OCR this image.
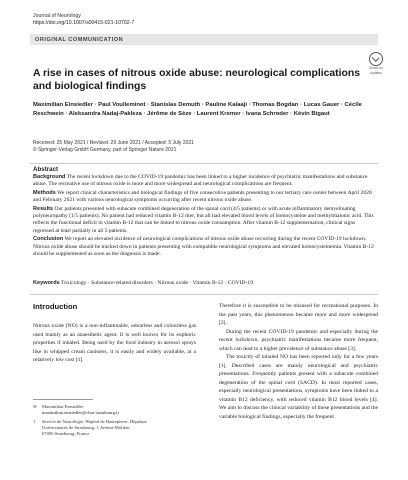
Journal of Neurology
https://doi.org/10.1007/s00415-021-10702-7
ORIGINAL COMMUNICATION
Check for
updates
A rise in cases of nitrous oxide abuse: neurological complications and biological findings
Maximilian Einsiedler · Paul Voulleminot · Stanislas Demuth · Pauline Kalaaji · Thomas Bogdan · Lucas Gauer · Cécile Reschwein · Aleksandra Nadaj-Pakleza · Jérôme de Sèze · Laurent Kremer · Ivana Schroder · Kévin Bigaut
Received: 25 May 2021 / Revised: 29 June 2021 / Accepted: 5 July 2021
© Springer-Verlag GmbH Germany, part of Springer Nature 2021
Abstract

Background The recent lockdown due to the COVID-19 pandemic has been linked to a higher incidence of psychiatric manifestations and substance abuse. The recreative use of nitrous oxide is more and more widespread and neurological complications are frequent.

Methods We report clinical characteristics and biological findings of five consecutive patients presenting to our tertiary care center between April 2020 and February 2021 with various neurological symptoms occurring after recent nitrous oxide abuse.

Results Our patients presented with subacute combined degeneration of the spinal cord (4/5 patients) or with acute inflammatory demyelinating polyneuropathy (1/5 patients). No patient had reduced vitamin B-12 titer, but all had elevated blood levels of homocysteine and methylmalonic acid. This reflects the functional deficit in vitamin B-12 that can be linked to nitrous oxide consumption. After vitamin B-12 supplementation, clinical signs regressed at least partially in all 5 patients.

Conclusion We report an elevated incidence of neurological complications of nitrous oxide abuse occurring during the recent COVID-19 lockdown. Nitrous oxide abuse should be tracked down in patients presenting with compatible neurological symptoms and elevated homocysteinemia. Vitamin B-12 should be supplemented as soon as the diagnosis is made.

Keywords Toxicology · Substance-related disorders · Nitrous oxide · Vitamin B-12 · COVID-19
Introduction
Nitrous oxide (NO) is a non-inflammable, odourless and colourless gas used mainly as an anaesthetic agent. It is well known for its euphoric properties if inhaled. Being used by the food industry in aerosol sprays like in whipped cream canisters, it is easily and widely available, at a relatively low cost [1].
✉	Maximilian Einsiedler
maximilian.einsiedler@chru-strasbourg.fr
1	Service de Neurologie, Hôpital de Hautepierre, Hôpitaux
Universitaires de Strasbourg, 1 Avenue Molière,
67000 Strasbourg, France

Therefore it is susceptible to be misused for recreational purposes. In the past years, this phenomenon became more and more widespread [2].

During the recent COVID-19 pandemic and especially during the recent lockdown, psychiatric manifestations became more frequent, which can lead to a higher prevalence of substance abuse [3].

The toxicity of inhaled NO has been reported only for a few years [1]. Described cases are mainly neurological and psychiatric presentations. Frequently patients present with a subacute combined degeneration of the spinal cord (SACD). In most reported cases, especially neurological presentations, symptoms have been linked to a vitamin B12 deficiency, with reduced vitamin B12 blood levels [4]. We aim to discuss the clinical variability of these presentations and the variable biological findings, especially the frequent
